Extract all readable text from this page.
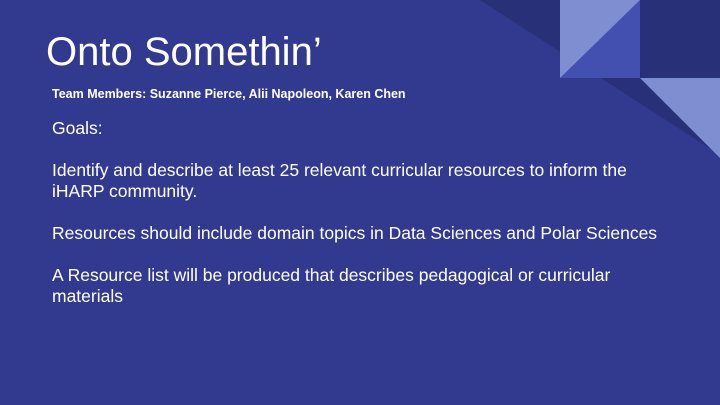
Onto Somethin’

Team Members: Suzanne Pierce, Alii Napoleon, Karen Chen

Goals:

Identify and describe at least 25 relevant curricular resources to inform the iHARP community.

Resources should include domain topics in Data Sciences and Polar Sciences

A Resource list will be produced that describes pedagogical or curricular materials
